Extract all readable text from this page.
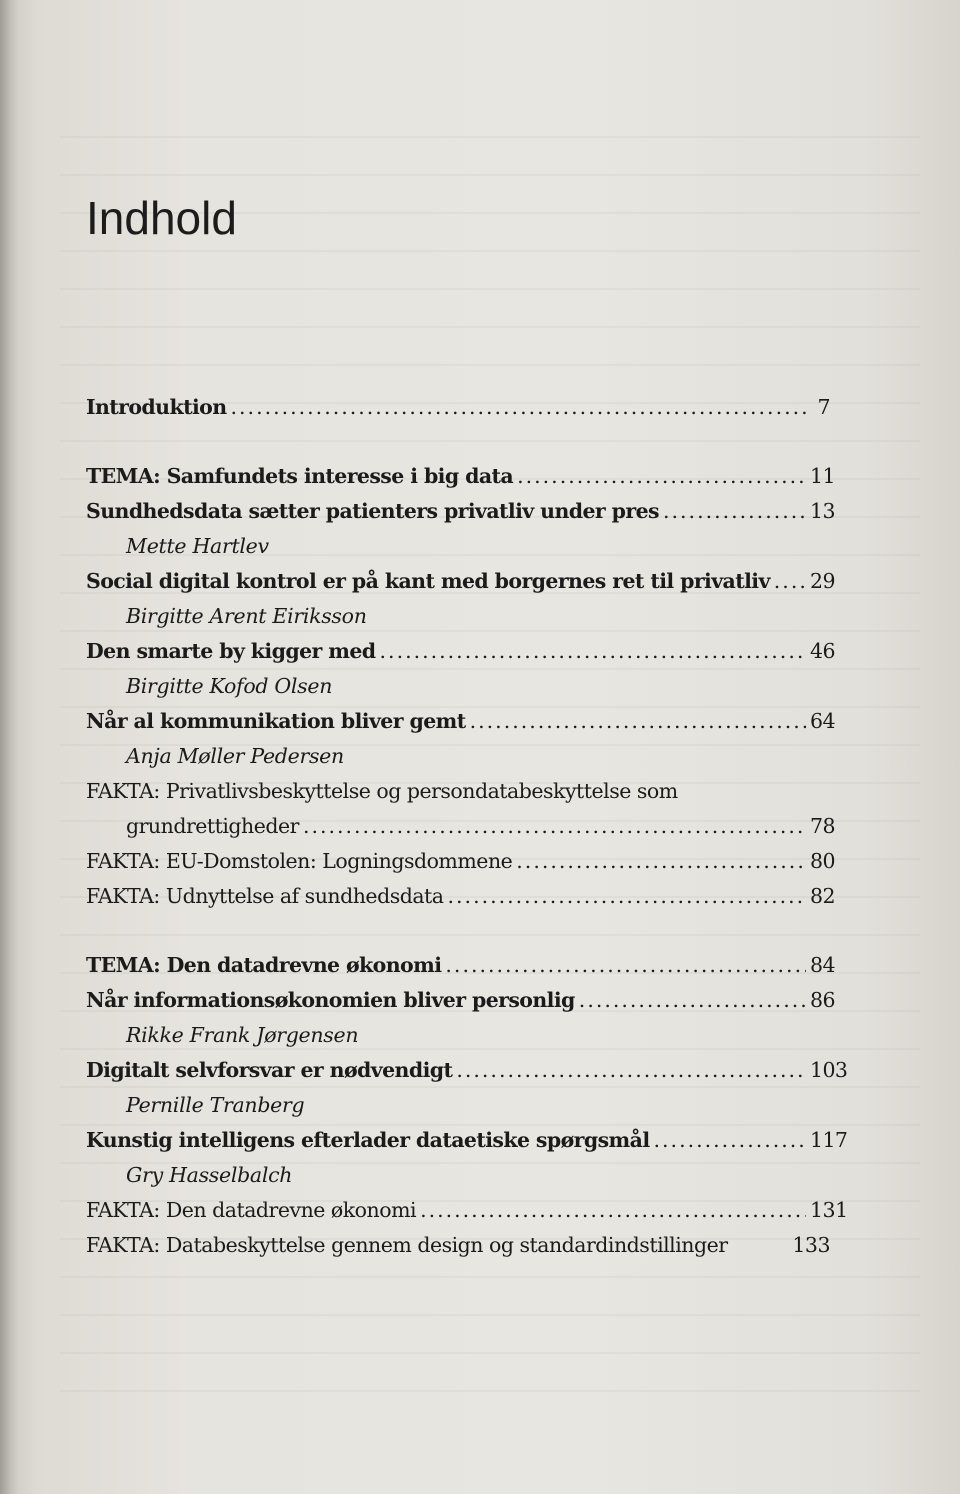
Indhold
Introduktion .....	7
TEMA: Samfundets interesse i big data .....	11
Sundhedsdata sætter patienters privatliv under pres .....	13
Mette Hartlev
Social digital kontrol er på kant med borgernes ret til privatliv ..... 29
Birgitte Arent Eiriksson
Den smarte by kigger med .....	46
Birgitte Kofod Olsen
Når al kommunikation bliver gemt .....	64
Anja Møller Pedersen
FAKTA: Privatlivsbeskyttelse og persondatabeskyttelse som
grundrettigheder .....	78
FAKTA: EU-Domstolen: Logningsdommene .....	80
FAKTA: Udnyttelse af sundhedsdata .....	82
TEMA: Den datadrevne økonomi .....	84
Når informationsøkonomien bliver personlig .....	86
Rikke Frank Jørgensen
Digitalt selvforsvar er nødvendigt .....	103
Pernille Tranberg
Kunstig intelligens efterlader dataetiske spørgsmål .....	117
Gry Hasselbalch
FAKTA: Den datadrevne økonomi .....	131
FAKTA: Databeskyttelse gennem design og standardindstillinger	133
